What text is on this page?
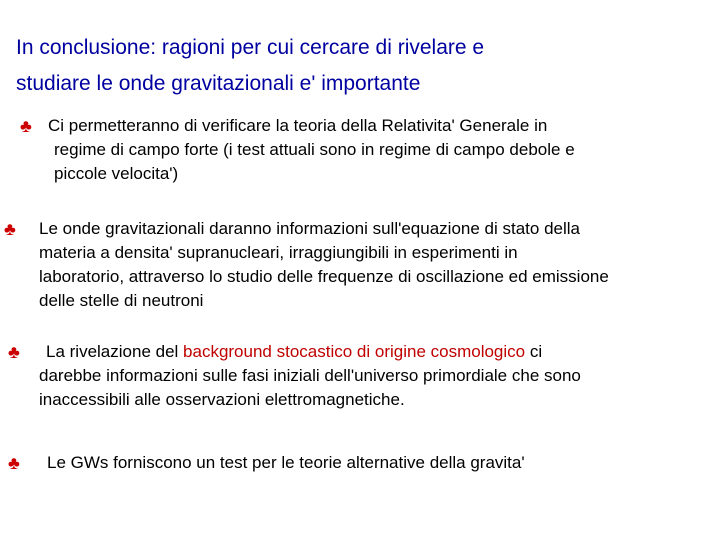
In conclusione: ragioni per cui cercare di rivelare e
studiare le onde gravitazionali e' importante
♣ Ci permetteranno di verificare la teoria della Relativita' Generale in
regime di campo forte (i test attuali sono in regime di campo debole e
piccole velocita')
♣ Le onde gravitazionali daranno informazioni sull'equazione di stato della
materia a densita' supranucleari, irraggiungibili in esperimenti in
laboratorio, attraverso lo studio delle frequenze di oscillazione ed emissione
delle stelle di neutroni
♣	La rivelazione del background stocastico di origine cosmologico ci
darebbe informazioni sulle fasi iniziali dell'universo primordiale che sono
inaccessibili alle osservazioni elettromagnetiche.
♣ Le GWs forniscono un test per le teorie alternative della gravita'
